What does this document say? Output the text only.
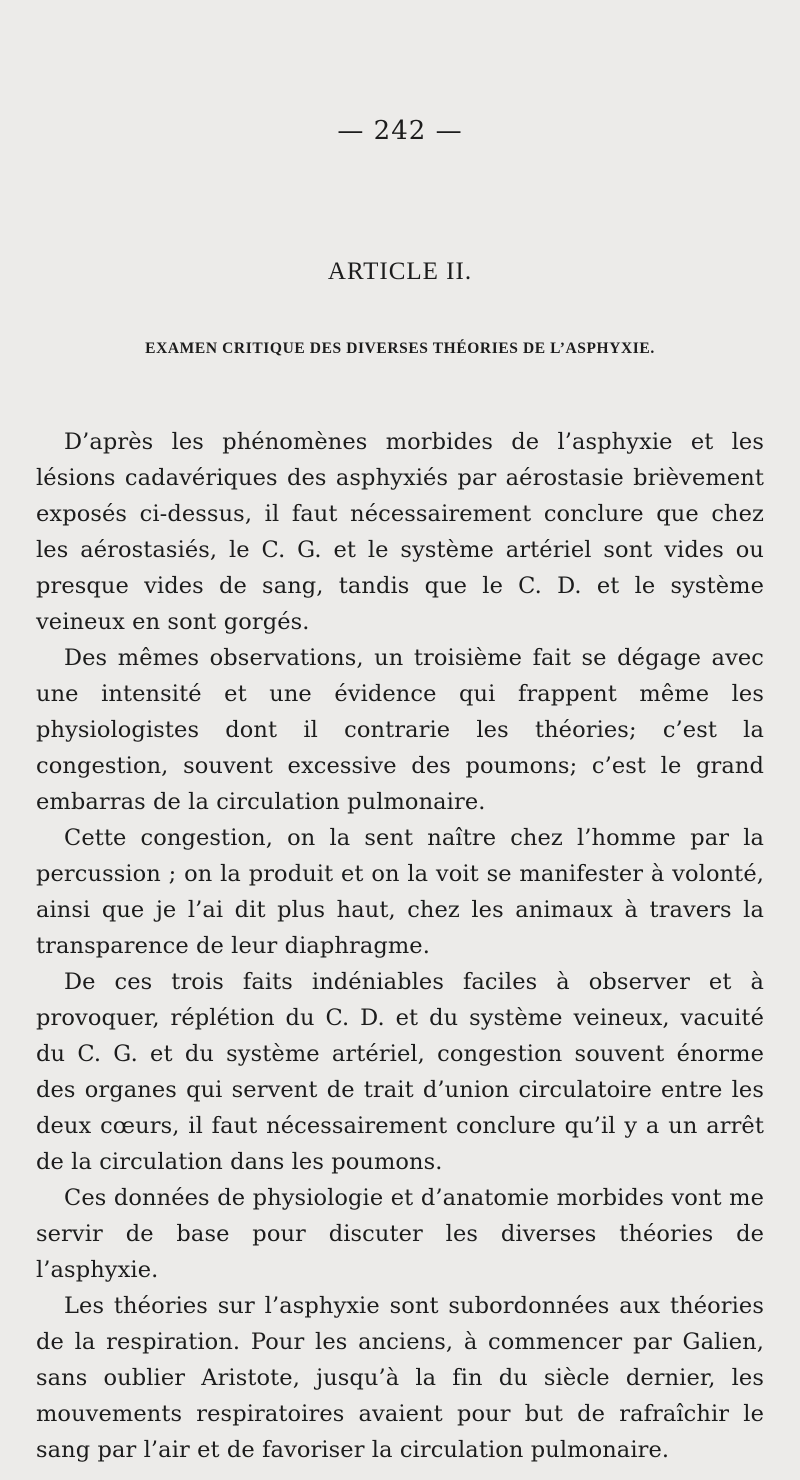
— 242 —
ARTICLE II.
EXAMEN CRITIQUE DES DIVERSES THÉORIES DE L’ASPHYXIE.

D’après les phénomènes morbides de l’asphyxie et les lésions cadavériques des asphyxiés par aérostasie brièvement exposés ci-dessus, il faut nécessairement conclure que chez les aérostasiés, le C. G. et le système artériel sont vides ou presque vides de sang, tandis que le C. D. et le système veineux en sont gorgés.

Des mêmes observations, un troisième fait se dégage avec une intensité et une évidence qui frappent même les physiologistes dont il contrarie les théories; c’est la congestion, souvent excessive des poumons; c’est le grand embarras de la circulation pulmonaire.

Cette congestion, on la sent naître chez l’homme par la percussion ; on la produit et on la voit se manifester à volonté, ainsi que je l’ai dit plus haut, chez les animaux à travers la transparence de leur diaphragme.

De ces trois faits indéniables faciles à observer et à provoquer, réplétion du C. D. et du système veineux, vacuité du C. G. et du système artériel, congestion souvent énorme des organes qui servent de trait d’union circulatoire entre les deux cœurs, il faut nécessairement conclure qu’il y a un arrêt de la circulation dans les poumons.

Ces données de physiologie et d’anatomie morbides vont me servir de base pour discuter les diverses théories de l’asphyxie.

Les théories sur l’asphyxie sont subordonnées aux théories de la respiration. Pour les anciens, à commencer par Galien, sans oublier Aristote, jusqu’à la fin du siècle dernier, les mouvements respiratoires avaient pour but de rafraîchir le sang par l’air et de favoriser la circulation pulmonaire.
